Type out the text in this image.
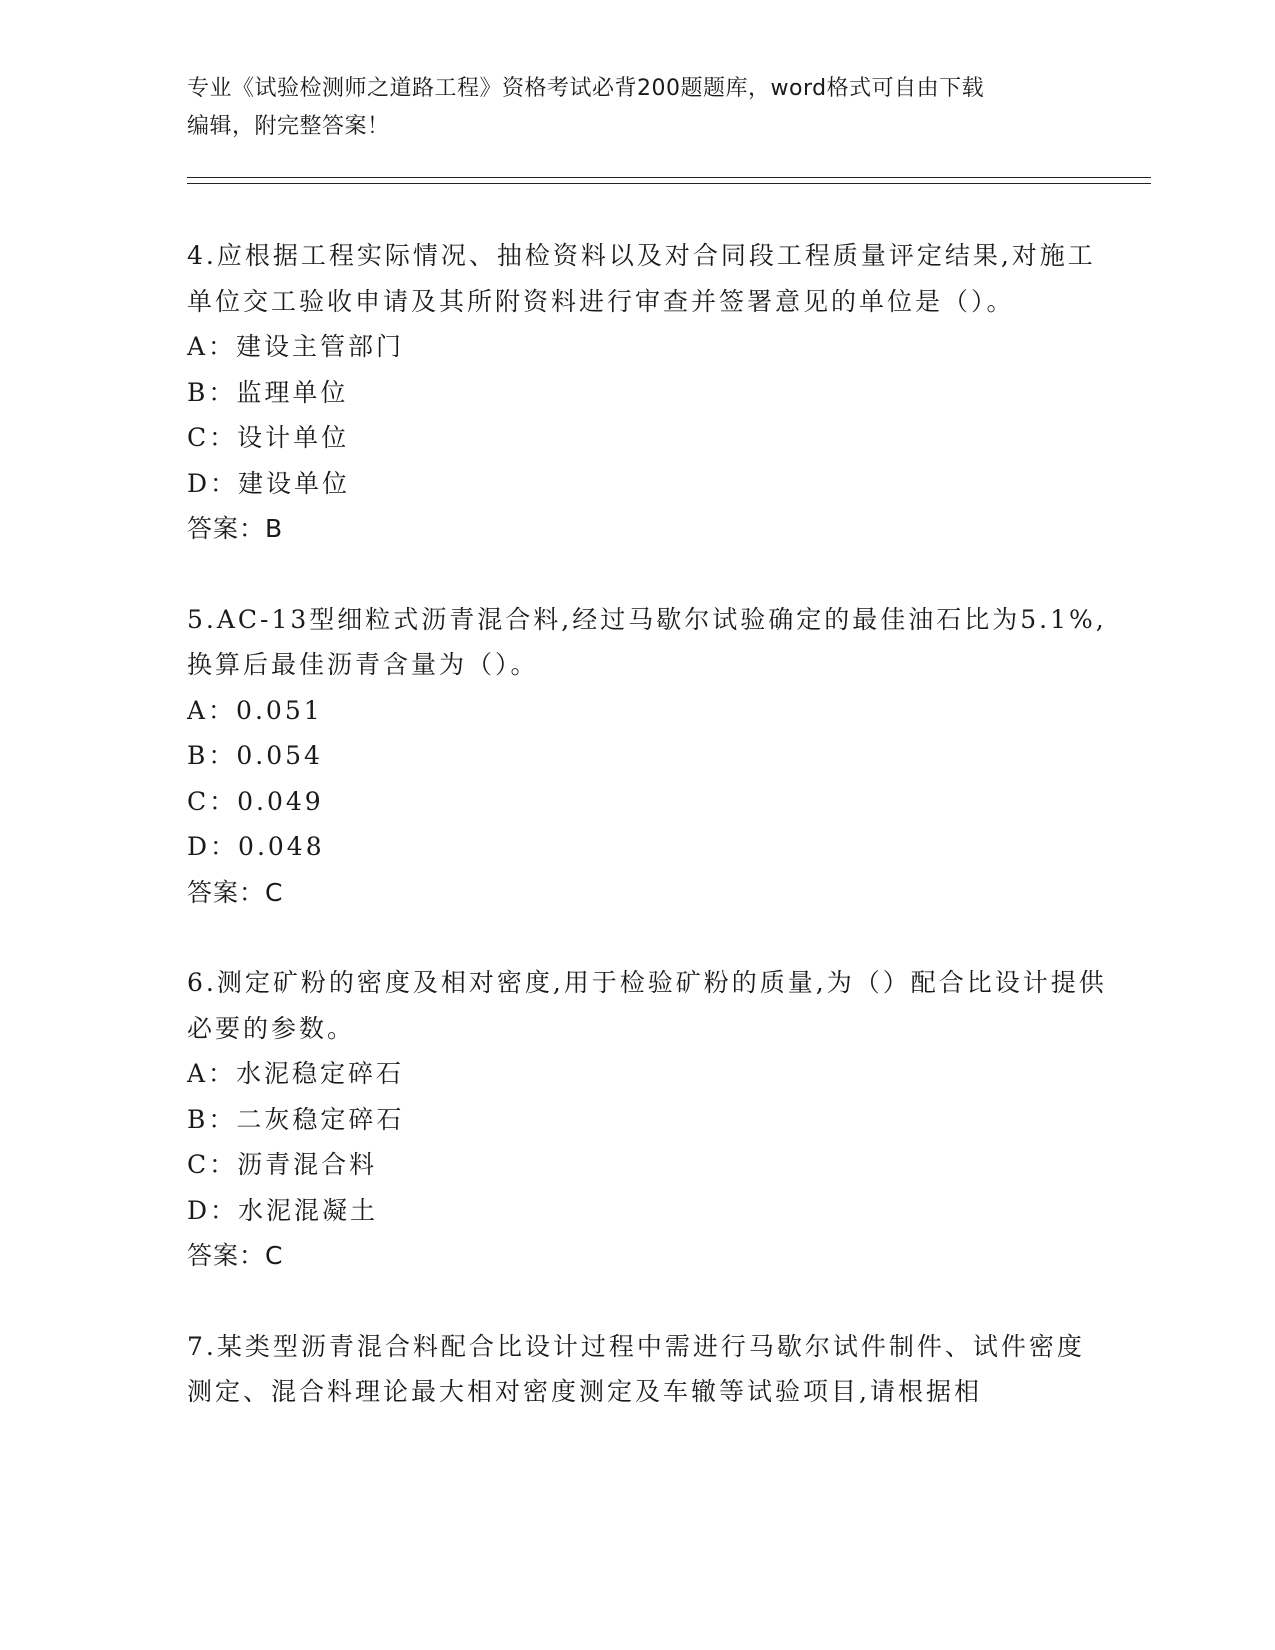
专业《试验检测师之道路工程》资格考试必背200题题库，word格式可自由下载
编辑，附完整答案！
4.应根据工程实际情况、抽检资料以及对合同段工程质量评定结果,对施工单位交工验收申请及其所附资料进行审查并签署意见的单位是（）。
A：建设主管部门
B：监理单位
C：设计单位
D：建设单位
答案：B
5.AC-13型细粒式沥青混合料,经过马歇尔试验确定的最佳油石比为5.1%,换算后最佳沥青含量为（）。
A：0.051
B：0.054
C：0.049
D：0.048
答案：C
6.测定矿粉的密度及相对密度,用于检验矿粉的质量,为（）配合比设计提供必要的参数。
A：水泥稳定碎石
B：二灰稳定碎石
C：沥青混合料
D：水泥混凝土
答案：C
7.某类型沥青混合料配合比设计过程中需进行马歇尔试件制件、试件密度测定、混合料理论最大相对密度测定及车辙等试验项目,请根据相
